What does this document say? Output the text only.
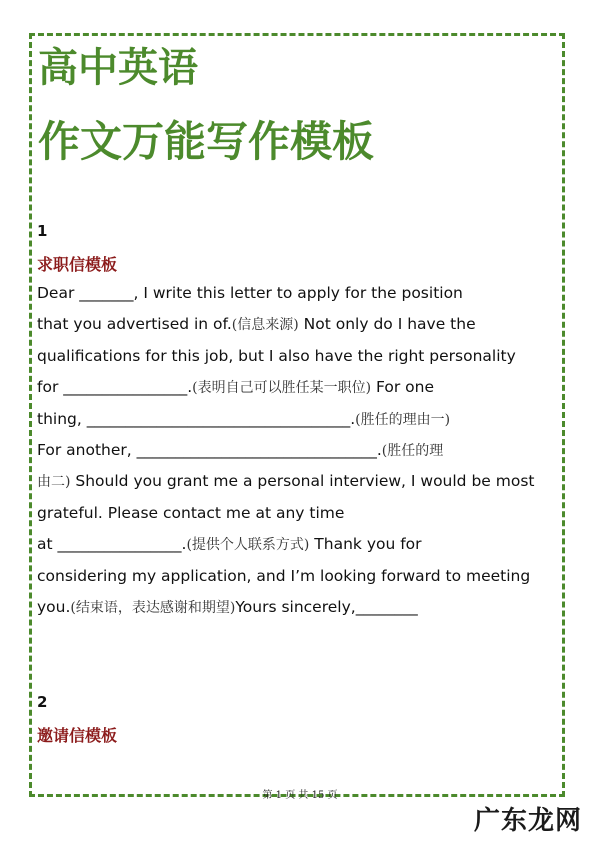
高中英语
作文万能写作模板
1
求职信模板
Dear _______, I write this letter to apply for the position
that you advertised in of.(信息来源) Not only do I have the
qualifications for this job, but I also have the right personality
for ________________.(表明自己可以胜任某一职位) For one
thing, __________________________________.(胜任的理由一)
For another, _______________________________.(胜任的理
由二) Should you grant me a personal interview, I would be most
grateful. Please contact me at any time
at ________________.(提供个人联系方式) Thank you for
considering my application, and I’m looking forward to meeting
you.(结束语，表达感谢和期望)Yours sincerely,________
2
邀请信模板
第 1 页 共 15 页
广东龙网
